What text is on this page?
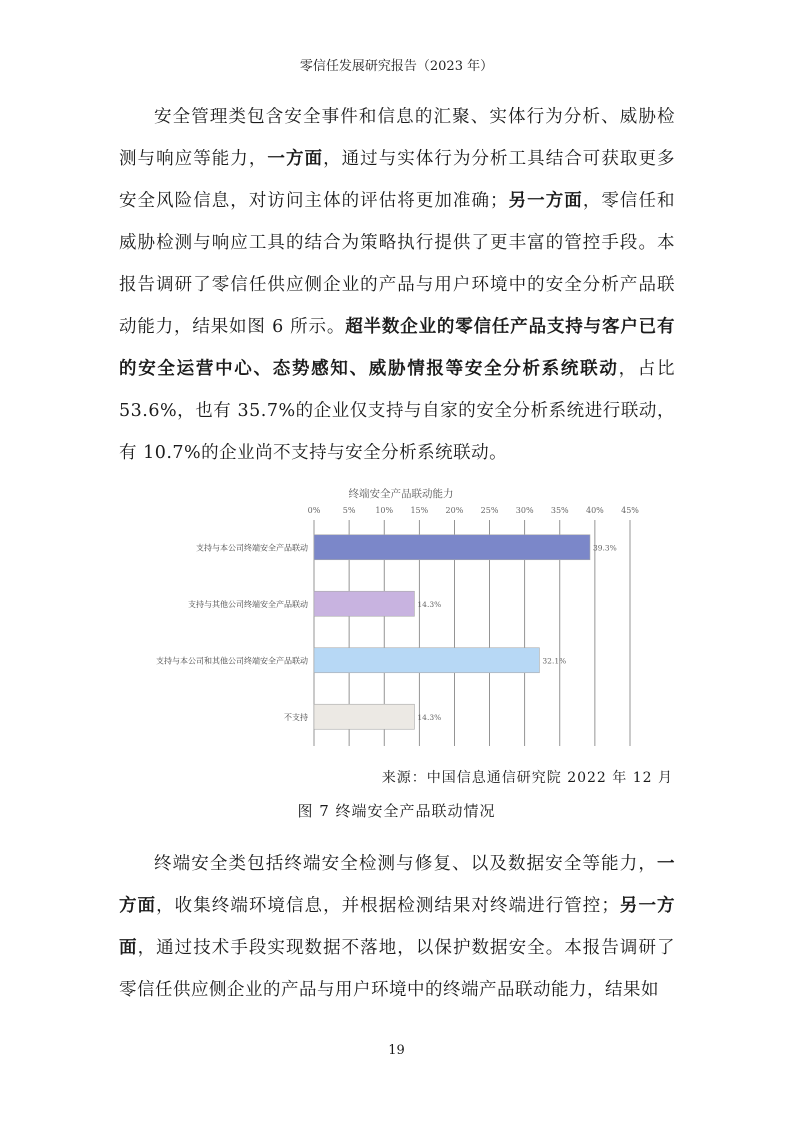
零信任发展研究报告（2023 年）

安全管理类包含安全事件和信息的汇聚、实体行为分析、威胁检测与响应等能力，一方面，通过与实体行为分析工具结合可获取更多安全风险信息，对访问主体的评估将更加准确；另一方面，零信任和威胁检测与响应工具的结合为策略执行提供了更丰富的管控手段。本报告调研了零信任供应侧企业的产品与用户环境中的安全分析产品联动能力，结果如图 6 所示。超半数企业的零信任产品支持与客户已有的安全运营中心、态势感知、威胁情报等安全分析系统联动，占比 53.6%，也有 35.7%的企业仅支持与自家的安全分析系统进行联动，有 10.7%的企业尚不支持与安全分析系统联动。

终端安全产品联动能力
0%	5% 10% 15% 20% 25% 30% 35% 40% 45%
支持与本公司终端安全产品联动	39.3%
支持与其他公司终端安全产品联动	14.3%
支持与本公司和其他公司终端安全产品联动	32.1%
不支持	14.3%
来源：中国信息通信研究院 2022 年 12 月
图 7 终端安全产品联动情况

终端安全类包括终端安全检测与修复、以及数据安全等能力，一方面，收集终端环境信息，并根据检测结果对终端进行管控；另一方面，通过技术手段实现数据不落地，以保护数据安全。本报告调研了零信任供应侧企业的产品与用户环境中的终端产品联动能力，结果如

19
